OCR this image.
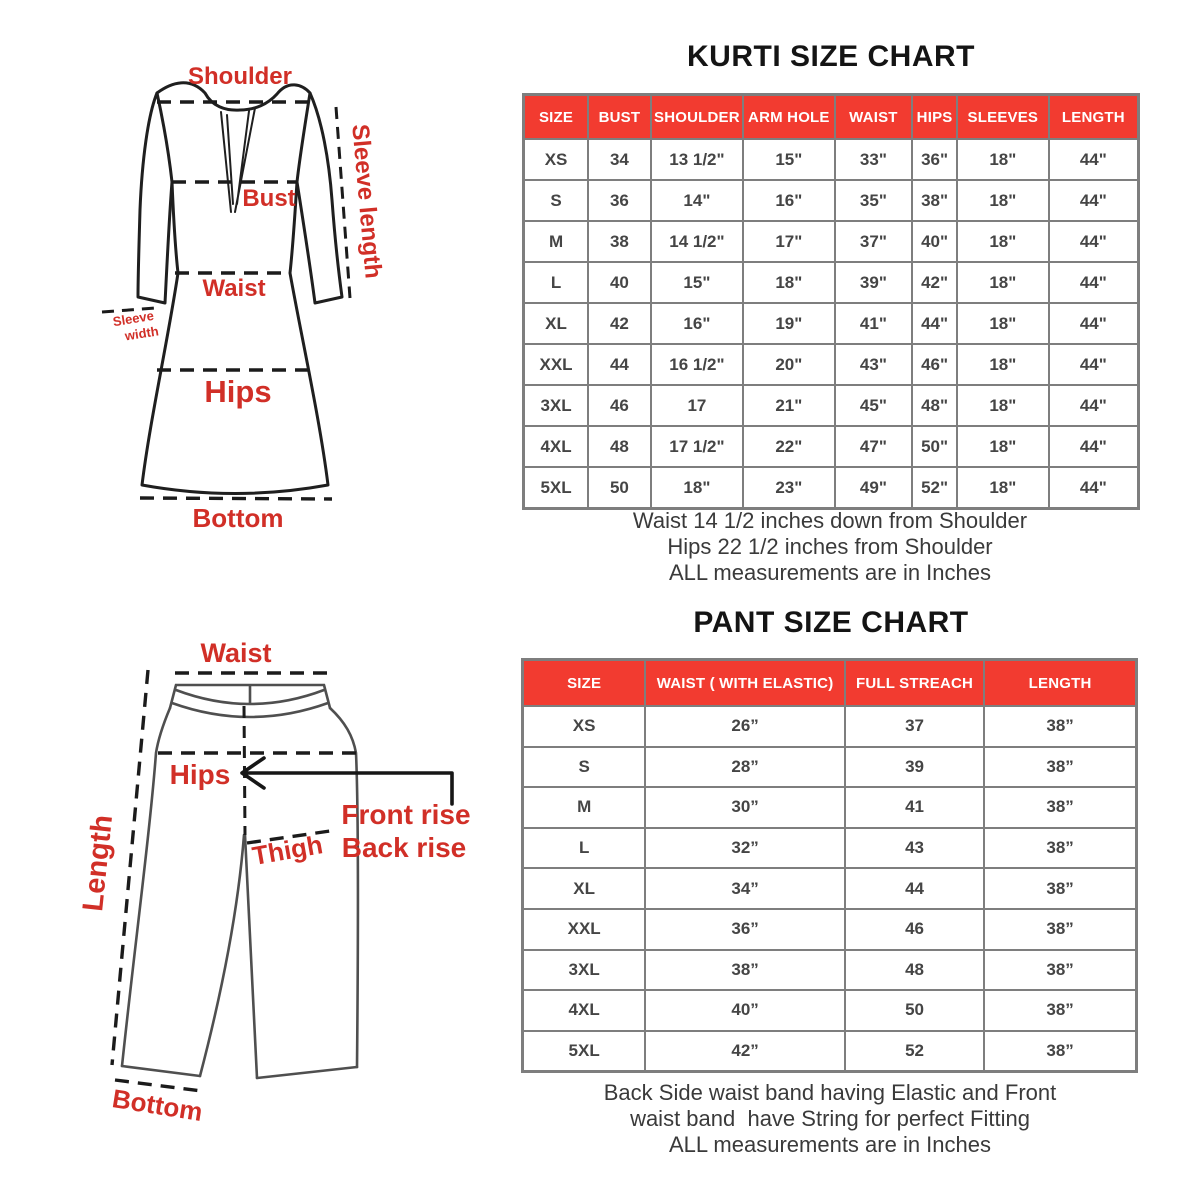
Shoulder
Sleeve length
Bust
Waist
Sleeve
width
Hips
Bottom
Waist
Hips
Front rise
Back rise
Thigh
Length
Bottom
KURTI SIZE CHART
SIZE	BUST	SHOULDER	ARM HOLE	WAIST	HIPS	SLEEVES	LENGTH
XS	34	13 1/2"	15"	33"	36"	18"	44"
S	36	14"	16"	35"	38"	18"	44"
M	38	14 1/2"	17"	37"	40"	18"	44"
L	40	15"	18"	39"	42"	18"	44"
XL	42	16"	19"	41"	44"	18"	44"
XXL	44	16 1/2"	20"	43"	46"	18"	44"
3XL	46	17	21"	45"	48"	18"	44"
4XL	48	17 1/2"	22"	47"	50"	18"	44"
5XL	50	18"	23"	49"	52"	18"	44"
Waist 14 1/2 inches down from Shoulder
Hips 22 1/2 inches from Shoulder
ALL measurements are in Inches
PANT SIZE CHART
SIZE	WAIST ( WITH ELASTIC)	FULL STREACH	LENGTH
XS	26”	37	38”
S	28”	39	38”
M	30”	41	38”
L	32”	43	38”
XL	34”	44	38”
XXL	36”	46	38”
3XL	38”	48	38”
4XL	40”	50	38”
5XL	42”	52	38”
Back Side waist band having Elastic and Front
waist band  have String for perfect Fitting
ALL measurements are in Inches
